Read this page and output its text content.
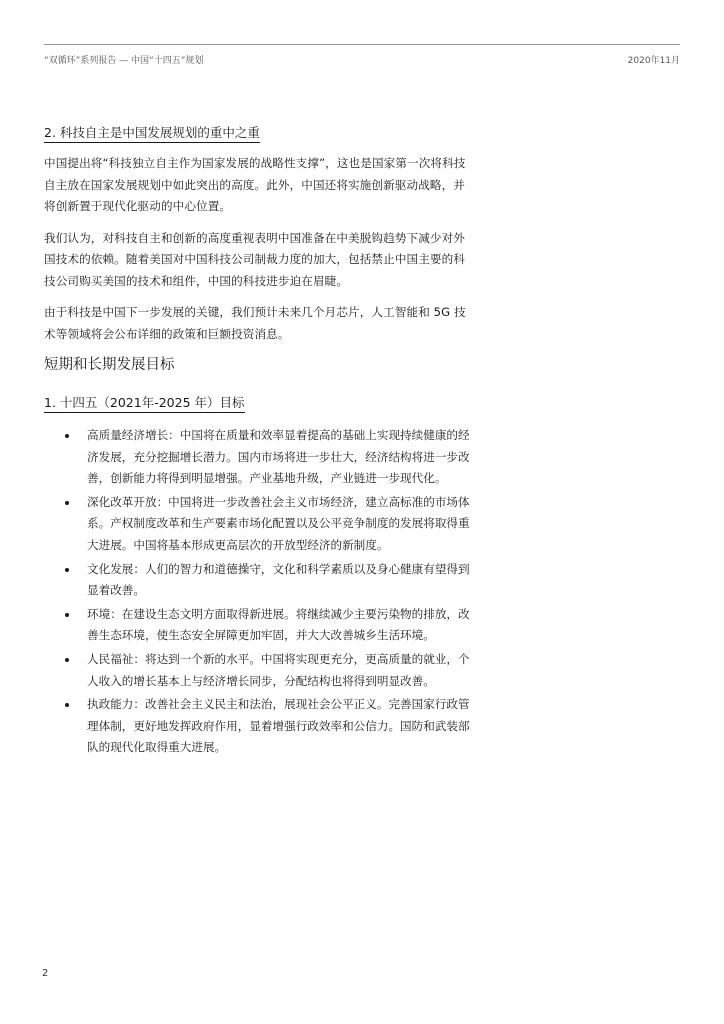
“双循环”系列报告 — 中国“十四五”规划	2020年11月
2. 科技自主是中国发展规划的重中之重

中国提出将“科技独立自主作为国家发展的战略性支撑”，这也是国家第一次将科技自主放在国家发展规划中如此突出的高度。此外，中国还将实施创新驱动战略，并将创新置于现代化驱动的中心位置。

我们认为，对科技自主和创新的高度重视表明中国准备在中美脱钩趋势下减少对外国技术的依赖。随着美国对中国科技公司制裁力度的加大，包括禁止中国主要的科技公司购买美国的技术和组件，中国的科技进步迫在眉睫。

由于科技是中国下一步发展的关键，我们预计未来几个月芯片，人工智能和 5G 技术等领域将会公布详细的政策和巨额投资消息。

短期和长期发展目标
1. 十四五（2021年-2025 年）目标
高质量经济增长：中国将在质量和效率显着提高的基础上实现持续健康的经济发展，充分挖掘增长潜力。国内市场将进一步壮大，经济结构将进一步改善，创新能力将得到明显增强。产业基地升级，产业链进一步现代化。
深化改革开放：中国将进一步改善社会主义市场经济，建立高标准的市场体系。产权制度改革和生产要素市场化配置以及公平竞争制度的发展将取得重大进展。中国将基本形成更高层次的开放型经济的新制度。
文化发展：人们的智力和道德操守，文化和科学素质以及身心健康有望得到显着改善。
环境：在建设生态文明方面取得新进展。将继续减少主要污染物的排放，改善生态环境，使生态安全屏障更加牢固，并大大改善城乡生活环境。
人民福祉：将达到一个新的水平。中国将实现更充分，更高质量的就业，个人收入的增长基本上与经济增长同步，分配结构也将得到明显改善。
执政能力：改善社会主义民主和法治，展现社会公平正义。完善国家行政管理体制，更好地发挥政府作用，显着增强行政效率和公信力。国防和武装部队的现代化取得重大进展。
2
